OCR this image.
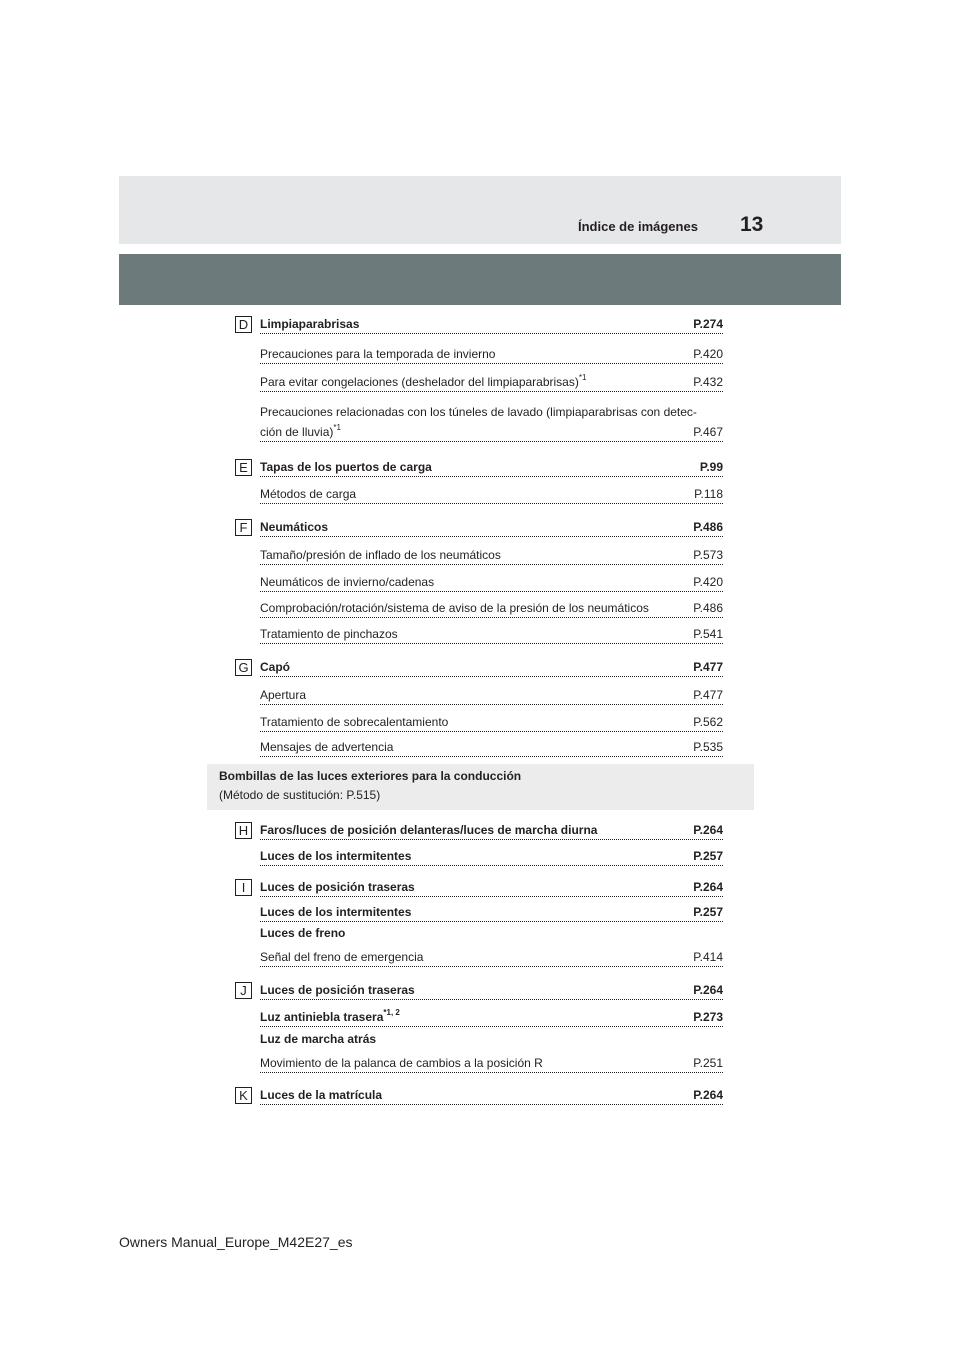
Índice de imágenes 13
D Limpiaparabrisas	P.274
Precauciones para la temporada de invierno	P.420
Para evitar congelaciones (deshelador del limpiaparabrisas)$^{*1}$	P.432
Precauciones relacionadas con los túneles de lavado (limpiaparabrisas con detec-
ción de lluvia)$^{*1}$	P.467
E	Tapas de los puertos de carga	P.99
Métodos de carga	P.118
F	Neumáticos	P.486
Tamaño/presión de inflado de los neumáticos	P.573
Neumáticos de invierno/cadenas	P.420
Comprobación/rotación/sistema de aviso de la presión de los neumáticos	P.486
Tratamiento de pinchazos	P.541
G Capó	P.477
Apertura	P.477
Tratamiento de sobrecalentamiento	P.562
Mensajes de advertencia	P.535
H Faros/luces de posición delanteras/luces de marcha diurna	P.264
Luces de los intermitentes	P.257
I	Luces de posición traseras	P.264
Luces de los intermitentes	P.257
Luces de freno
Señal del freno de emergencia	P.414
J	Luces de posición traseras	P.264
Luz antiniebla trasera$^{*1, 2}$	P.273
Luz de marcha atrás
Movimiento de la palanca de cambios a la posición R	P.251
K	Luces de la matrícula	P.264
Bombillas de las luces exteriores para la conducción
(Método de sustitución: P.515)
Owners Manual_Europe_M42E27_es
